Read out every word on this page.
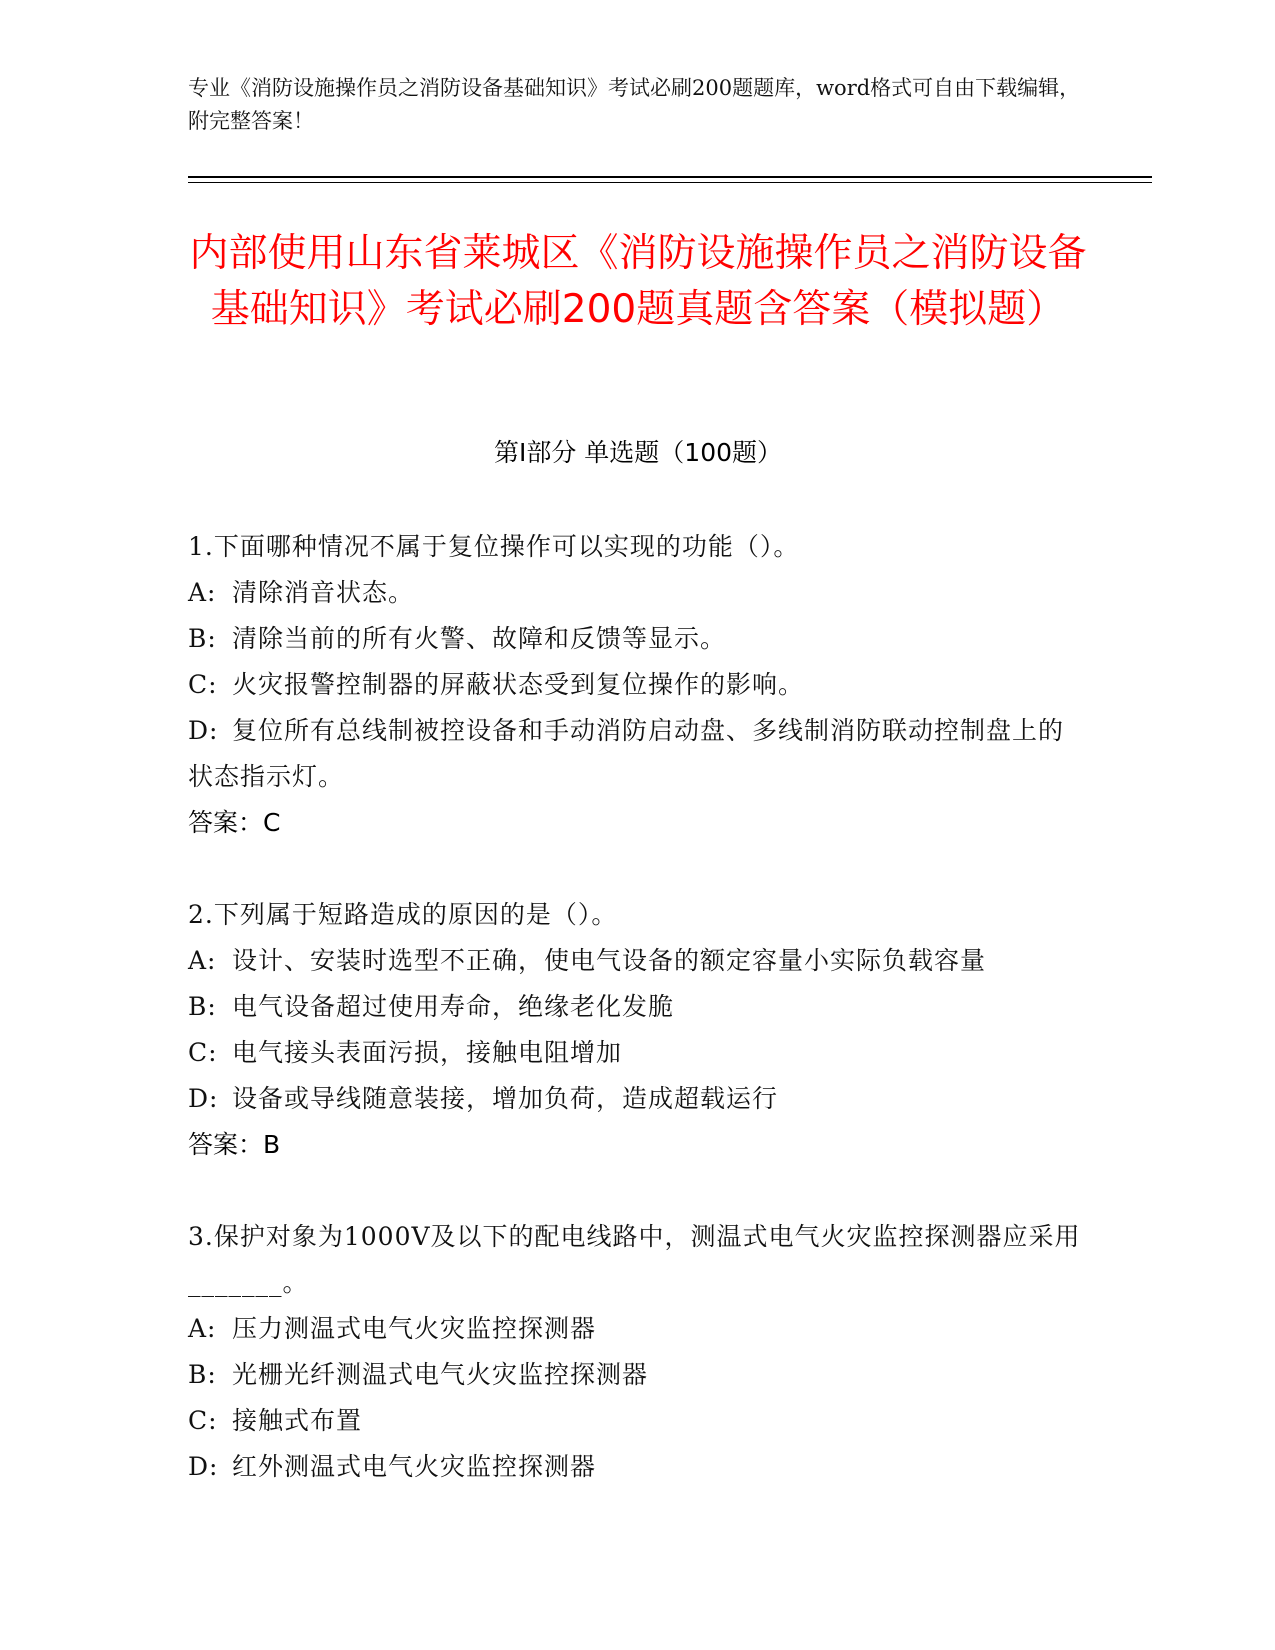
专业《消防设施操作员之消防设备基础知识》考试必刷200题题库，word格式可自由下载编辑，附完整答案！
内部使用山东省莱城区《消防设施操作员之消防设备基础知识》考试必刷200题真题含答案（模拟题）
第Ⅰ部分 单选题（100题）
1.下面哪种情况不属于复位操作可以实现的功能（）。
A: 清除消音状态。
B: 清除当前的所有火警、故障和反馈等显示。
C: 火灾报警控制器的屏蔽状态受到复位操作的影响。
D: 复位所有总线制被控设备和手动消防启动盘、多线制消防联动控制盘上的状态指示灯。
答案：C
2.下列属于短路造成的原因的是（）。
A: 设计、安装时选型不正确，使电气设备的额定容量小实际负载容量
B: 电气设备超过使用寿命，绝缘老化发脆
C: 电气接头表面污损，接触电阻增加
D: 设备或导线随意装接，增加负荷，造成超载运行
答案：B
3.保护对象为1000V及以下的配电线路中，测温式电气火灾监控探测器应采用_______。
A: 压力测温式电气火灾监控探测器
B: 光栅光纤测温式电气火灾监控探测器
C: 接触式布置
D: 红外测温式电气火灾监控探测器
